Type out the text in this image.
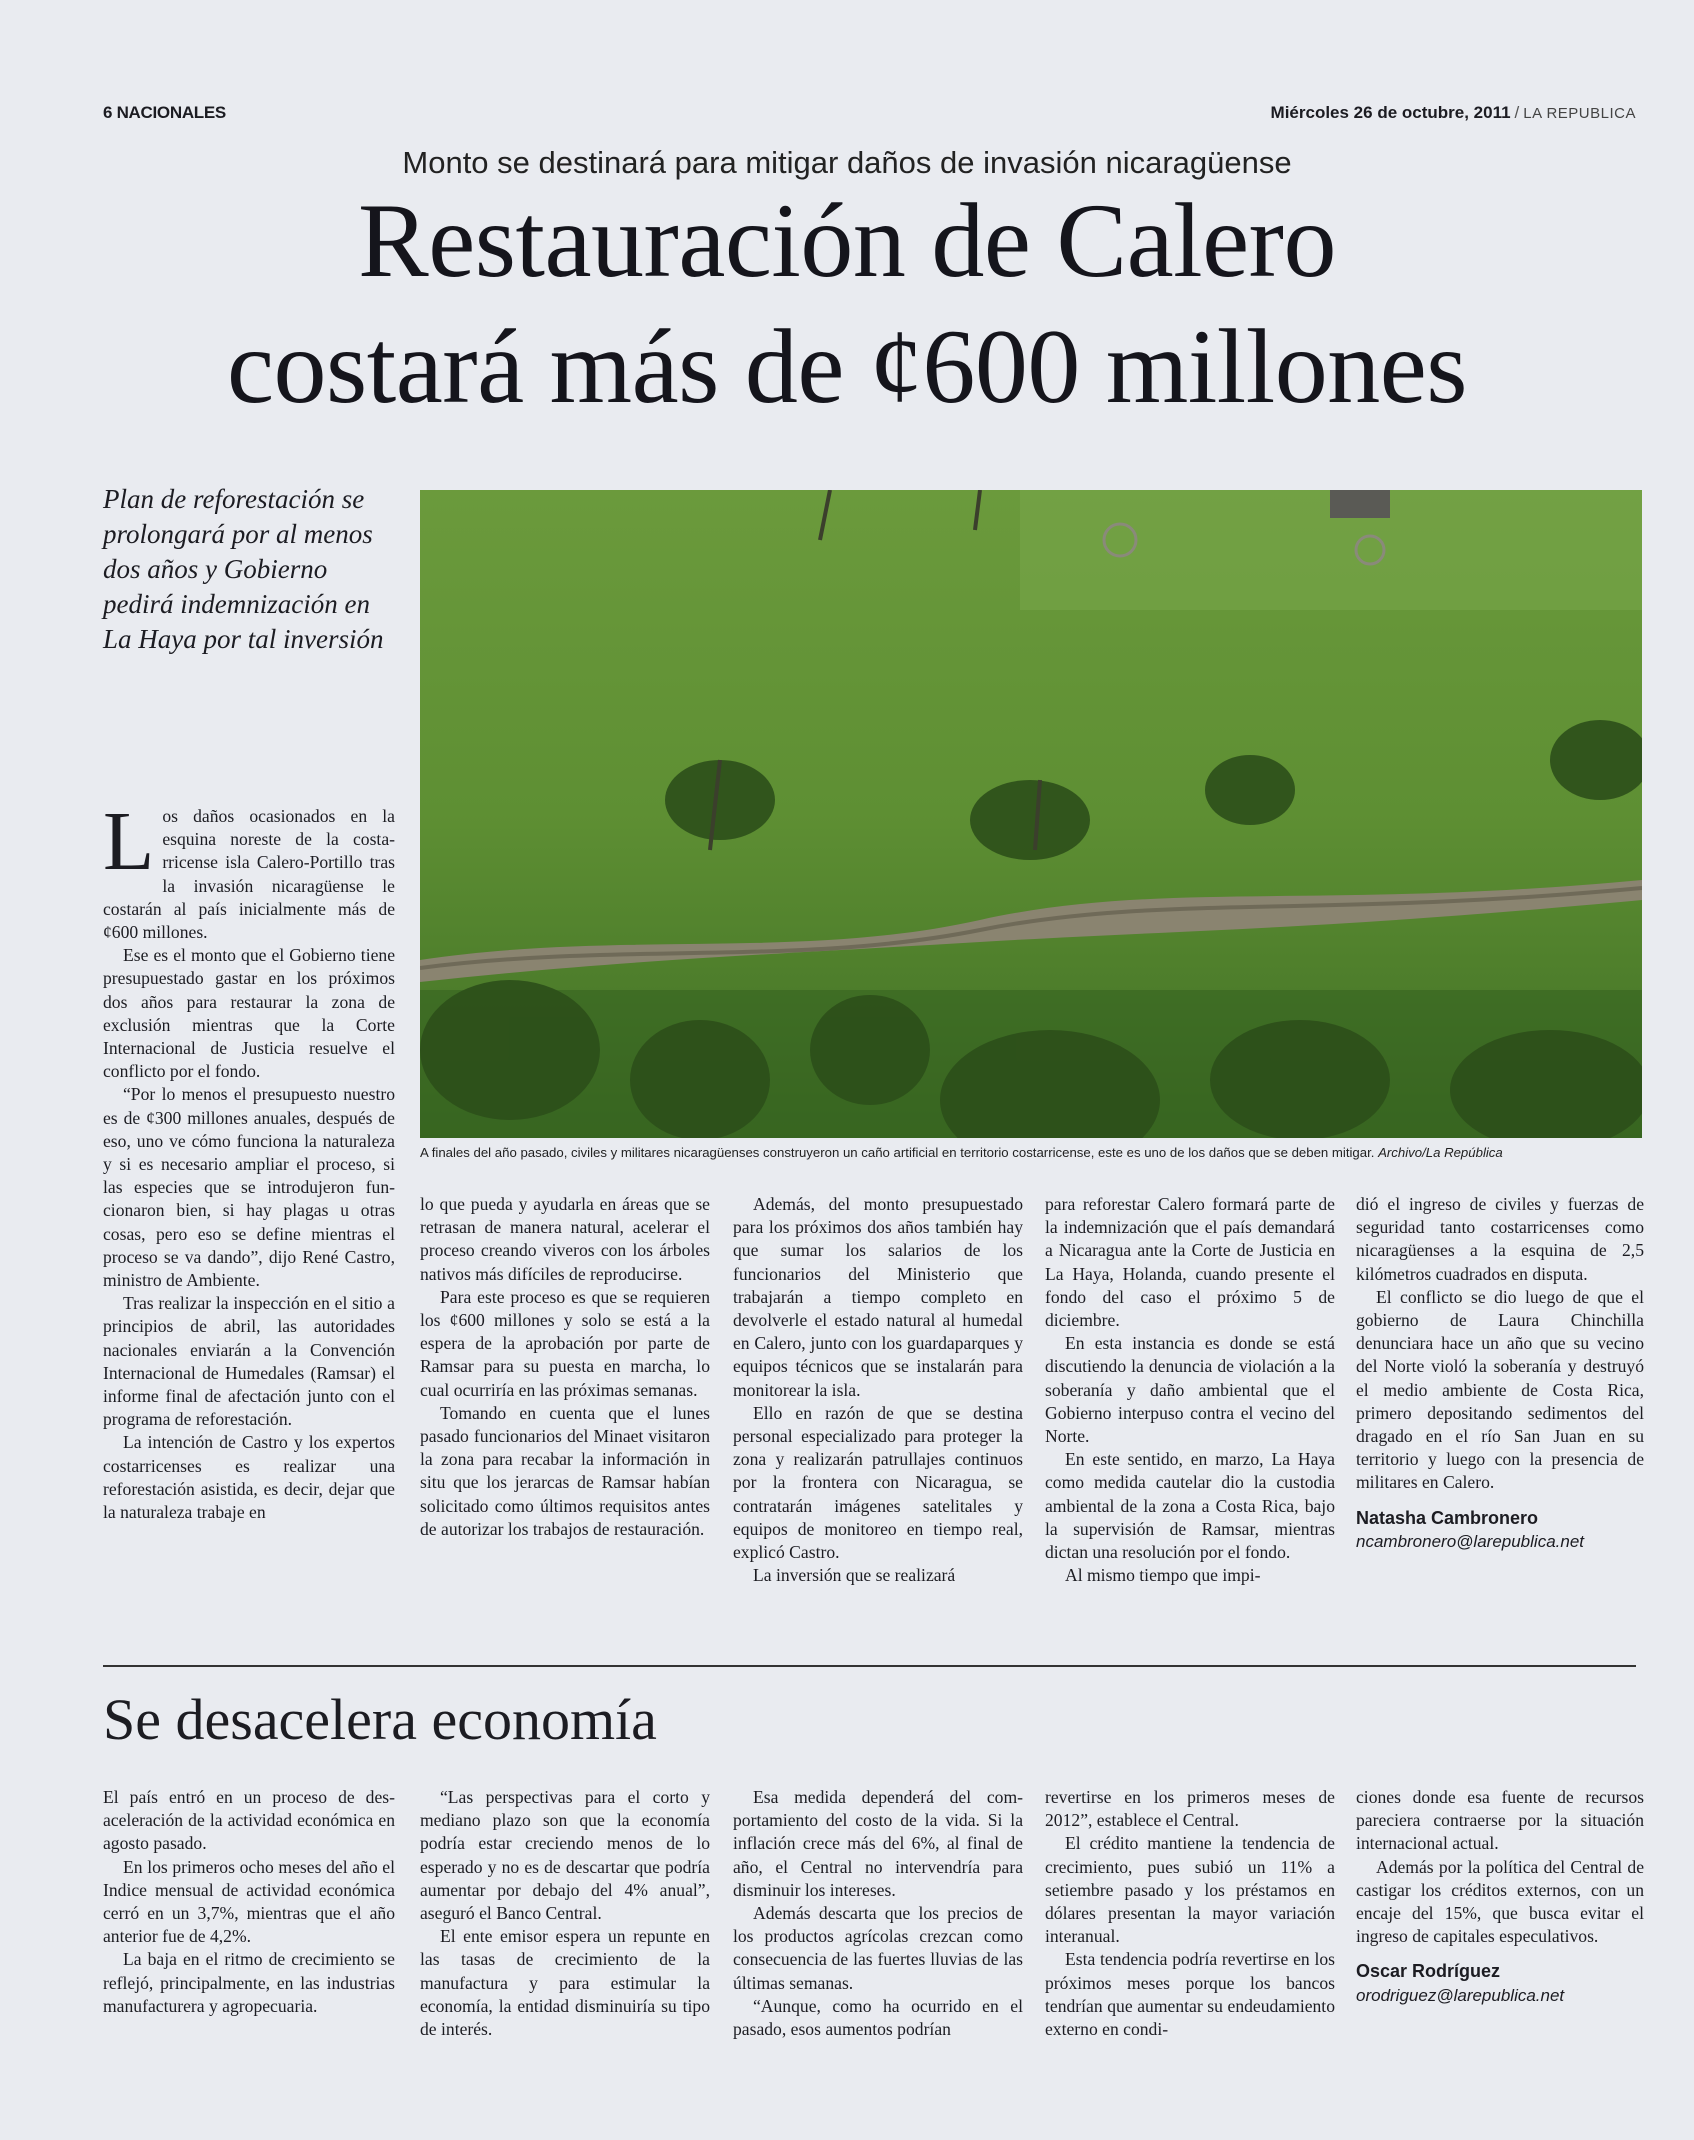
6 NACIONALES	Miércoles 26 de octubre, 2011 / LA REPUBLICA
Monto se destinará para mitigar daños de invasión nicaragüense
Restauración de Calero
costará más de ¢600 millones
Plan de reforestación se prolongará por al menos dos años y Gobierno pedirá indemnización en La Haya por tal inversión
A finales del año pasado, civiles y militares nicaragüenses construyeron un caño artificial en territorio costarricense, este es uno de los daños que se deben mitigar. Archivo/La República

Los daños ocasionados en la esquina noreste de la costarricense isla Calero-Portillo tras la invasión nicaragüense le costarán al país inicialmente más de ¢600 millones.

Ese es el monto que el Gobierno tiene presupuestado gastar en los próximos dos años para restaurar la zona de exclusión mientras que la Corte Internacional de Justicia resuelve el conflicto por el fondo.

“Por lo menos el presupuesto nuestro es de ¢300 millones anuales, después de eso, uno ve cómo funciona la naturaleza y si es necesario ampliar el proceso, si las especies que se introdujeron funcionaron bien, si hay plagas u otras cosas, pero eso se define mientras el proceso se va dando”, dijo René Castro, ministro de Ambiente.

Tras realizar la inspección en el sitio a principios de abril, las autoridades nacionales enviarán a la Convención Internacional de Humedales (Ramsar) el informe final de afectación junto con el programa de reforestación.

La intención de Castro y los expertos costarricenses es realizar una reforestación asistida, es decir, dejar que la naturaleza trabaje en

lo que pueda y ayudarla en áreas que se retrasan de manera natural, acelerar el proceso creando viveros con los árboles nativos más difíciles de reproducirse.

Para este proceso es que se requieren los ¢600 millones y solo se está a la espera de la aprobación por parte de Ramsar para su puesta en marcha, lo cual ocurriría en las próximas semanas.

Tomando en cuenta que el lunes pasado funcionarios del Minaet visitaron la zona para recabar la información in situ que los jerarcas de Ramsar habían solicitado como últimos requisitos antes de autorizar los trabajos de restauración.

Además, del monto presupuestado para los próximos dos años también hay que sumar los salarios de los funcionarios del Ministerio que trabajarán a tiempo completo en devolverle el estado natural al humedal en Calero, junto con los guardaparques y equipos técnicos que se instalarán para monitorear la isla.

Ello en razón de que se destina personal especializado para proteger la zona y realizarán patrullajes continuos por la frontera con Nicaragua, se contratarán imágenes satelitales y equipos de monitoreo en tiempo real, explicó Castro.

La inversión que se realizará

para reforestar Calero formará parte de la indemnización que el país demandará a Nicaragua ante la Corte de Justicia en La Haya, Holanda, cuando presente el fondo del caso el próximo 5 de diciembre.

En esta instancia es donde se está discutiendo la denuncia de violación a la soberanía y daño ambiental que el Gobierno interpuso contra el vecino del Norte.

En este sentido, en marzo, La Haya como medida cautelar dio la custodia ambiental de la zona a Costa Rica, bajo la supervisión de Ramsar, mientras dictan una resolución por el fondo.

Al mismo tiempo que impi-

dió el ingreso de civiles y fuerzas de seguridad tanto costarricenses como nicaragüenses a la esquina de 2,5 kilómetros cuadrados en disputa.

El conflicto se dio luego de que el gobierno de Laura Chinchilla denunciara hace un año que su vecino del Norte violó la soberanía y destruyó el medio ambiente de Costa Rica, primero depositando sedimentos del dragado en el río San Juan en su territorio y luego con la presencia de militares en Calero.

Natasha Cambronero
ncambronero@larepublica.net
Se desacelera economía

El país entró en un proceso de desaceleración de la actividad económica en agosto pasado.

En los primeros ocho meses del año el Indice mensual de actividad económica cerró en un 3,7%, mientras que el año anterior fue de 4,2%.

La baja en el ritmo de crecimiento se reflejó, principalmente, en las industrias manufacturera y agropecuaria.

“Las perspectivas para el corto y mediano plazo son que la economía podría estar creciendo menos de lo esperado y no es de descartar que podría aumentar por debajo del 4% anual”, aseguró el Banco Central.

El ente emisor espera un repunte en las tasas de crecimiento de la manufactura y para estimular la economía, la entidad disminuiría su tipo de interés.

Esa medida dependerá del comportamiento del costo de la vida. Si la inflación crece más del 6%, al final de año, el Central no intervendría para disminuir los intereses.

Además descarta que los precios de los productos agrícolas crezcan como consecuencia de las fuertes lluvias de las últimas semanas.

“Aunque, como ha ocurrido en el pasado, esos aumentos podrían

revertirse en los primeros meses de 2012”, establece el Central.

El crédito mantiene la tendencia de crecimiento, pues subió un 11% a setiembre pasado y los préstamos en dólares presentan la mayor variación interanual.

Esta tendencia podría revertirse en los próximos meses porque los bancos tendrían que aumentar su endeudamiento externo en condi-

ciones donde esa fuente de recursos pareciera contraerse por la situación internacional actual.

Además por la política del Central de castigar los créditos externos, con un encaje del 15%, que busca evitar el ingreso de capitales especulativos.

Oscar Rodríguez
orodriguez@larepublica.net
